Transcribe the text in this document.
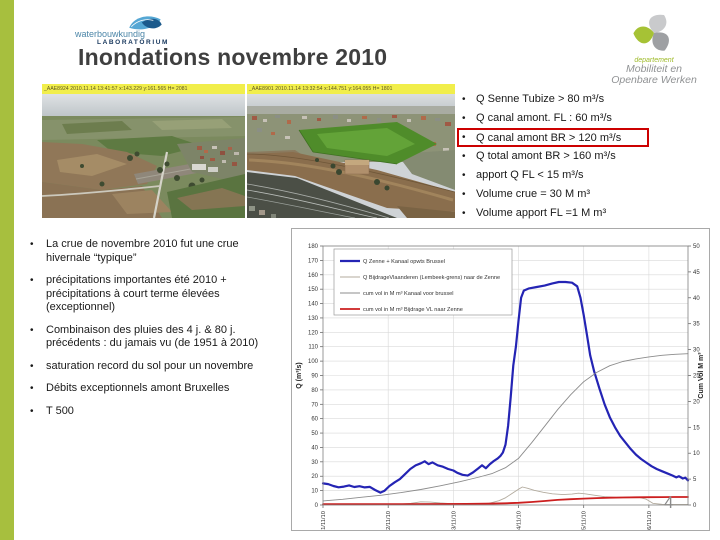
waterbouwkundig
LABORATORIUM
Inondations novembre 2010	departement
Mobiliteit en
Openbare Werken
_AAE8924 2010.11.14 13:41:57 x:143.229 y:161.565 H= 2081	_AAE8901 2010.11.14 13:32:54 x:144.751 y:164.055 H= 1801
• Q Senne Tubize > 80 m³/s
• Q canal amont. FL : 60 m³/s
• Q canal amont BR > 120 m³/s
• Q total amont BR > 160 m³/s
• apport Q FL < 15 m³/s
• Volume crue = 30 M m³
• Volume apport FL =1 M m³
•	La crue de novembre 2010 fut une crue hivernale “typique”
•	précipitations importantes été 2010 + précipitations à court terme élevées (exceptionnel)
•	Combinaison des pluies des 4 j. & 80 j. précédents : du jamais vu (de 1951 à 2010)
•	saturation record du sol pour un novembre
•	Débits exceptionnels amont Bruxelles
•	T 500
0
10
20
30
40
50
60
70
80
90
100
110
120
130
140
150
160
170
180
0
5
10
15
20
25
30
35
40
45
50
11/11/10	12/11/10	13/11/10	14/11/10	15/11/10	16/11/10
Q (m³/s)	Cum Vol M m³
Q Zenne + Kanaal opwts Brussel
Q BijdrageVlaanderen (Lembeek-grens) naar de Zenne
cum vol in M m³ Kanaal voor brussel
cum vol in M m³ Bijdrage VL naar Zenne
4
